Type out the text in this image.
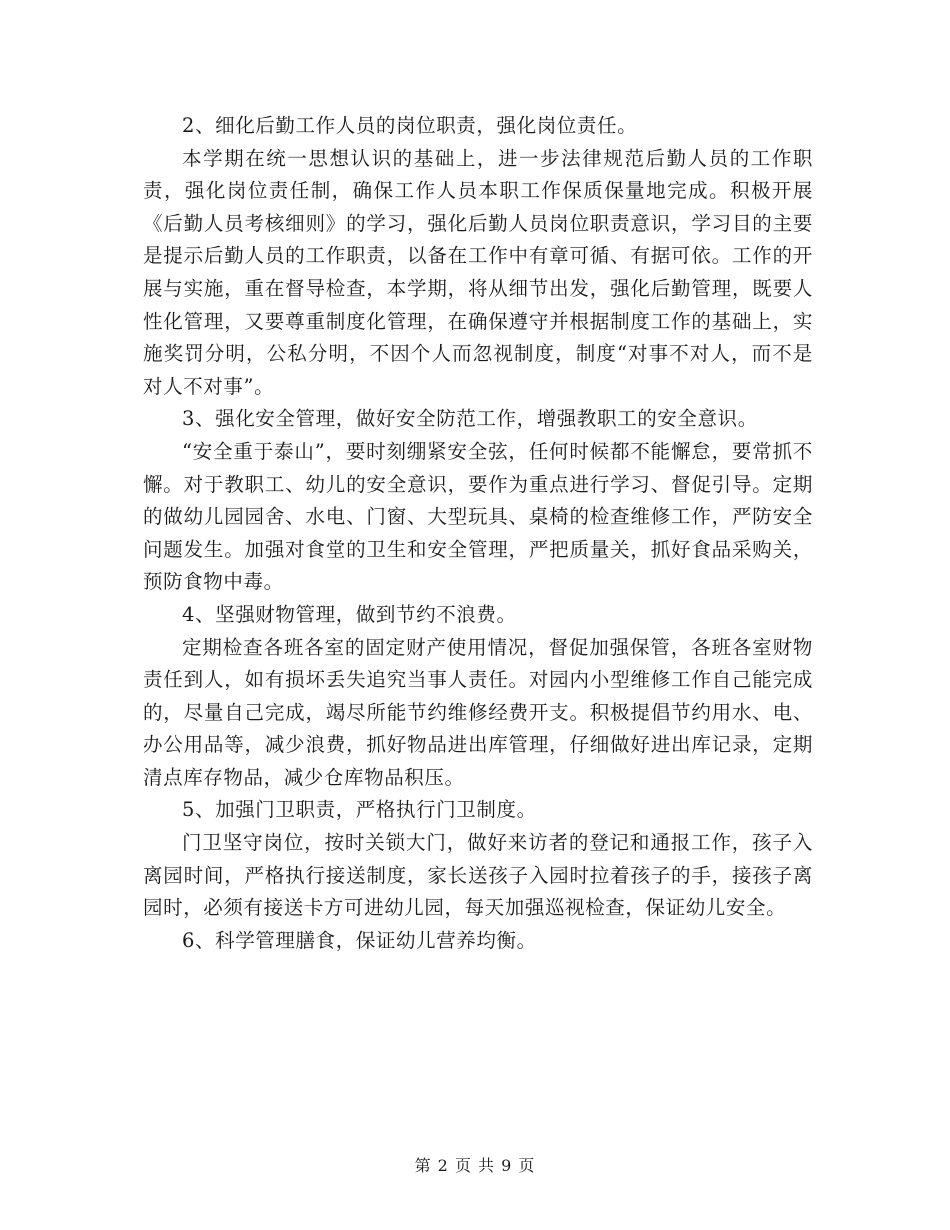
2、细化后勤工作人员的岗位职责，强化岗位责任。

本学期在统一思想认识的基础上，进一步法律规范后勤人员的工作职责，强化岗位责任制，确保工作人员本职工作保质保量地完成。积极开展《后勤人员考核细则》的学习，强化后勤人员岗位职责意识，学习目的主要是提示后勤人员的工作职责，以备在工作中有章可循、有据可依。工作的开展与实施，重在督导检查，本学期，将从细节出发，强化后勤管理，既要人性化管理，又要尊重制度化管理，在确保遵守并根据制度工作的基础上，实施奖罚分明，公私分明，不因个人而忽视制度，制度“对事不对人，而不是对人不对事”。

3、强化安全管理，做好安全防范工作，增强教职工的安全意识。

“安全重于泰山”，要时刻绷紧安全弦，任何时候都不能懈怠，要常抓不懈。对于教职工、幼儿的安全意识，要作为重点进行学习、督促引导。定期的做幼儿园园舍、水电、门窗、大型玩具、桌椅的检查维修工作，严防安全问题发生。加强对食堂的卫生和安全管理，严把质量关，抓好食品采购关，预防食物中毒。

4、坚强财物管理，做到节约不浪费。

定期检查各班各室的固定财产使用情况，督促加强保管，各班各室财物责任到人，如有损坏丢失追究当事人责任。对园内小型维修工作自己能完成的，尽量自己完成，竭尽所能节约维修经费开支。积极提倡节约用水、电、办公用品等，减少浪费，抓好物品进出库管理，仔细做好进出库记录，定期清点库存物品，减少仓库物品积压。

5、加强门卫职责，严格执行门卫制度。

门卫坚守岗位，按时关锁大门，做好来访者的登记和通报工作，孩子入离园时间，严格执行接送制度，家长送孩子入园时拉着孩子的手，接孩子离园时，必须有接送卡方可进幼儿园，每天加强巡视检查，保证幼儿安全。

6、科学管理膳食，保证幼儿营养均衡。

第 2 页 共 9 页
